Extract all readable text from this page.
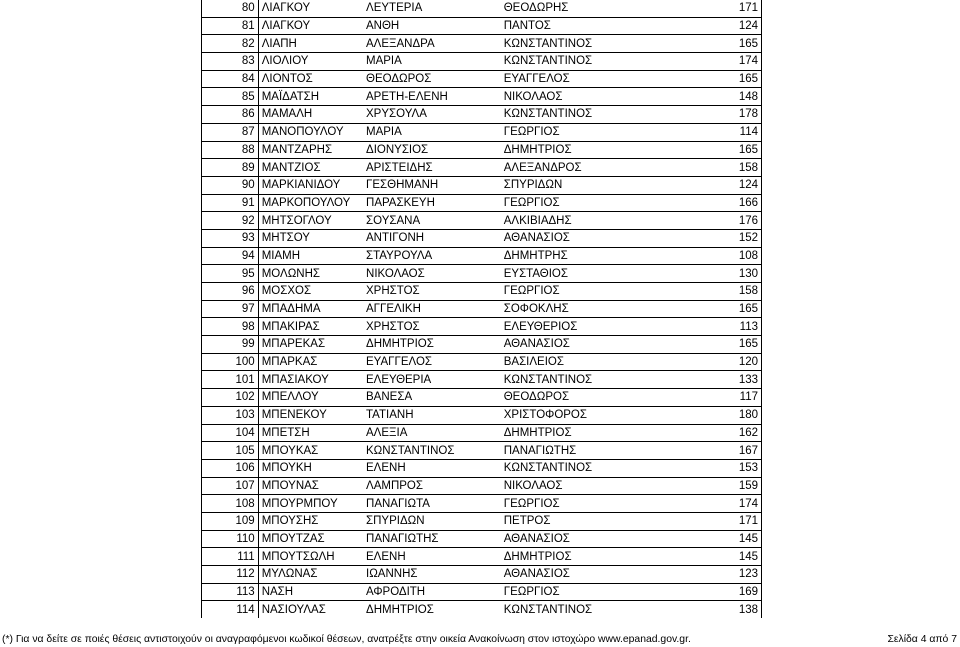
80	ΛΙΑΓΚΟΥ	ΛΕΥΤΕΡΙΑ	ΘΕΟΔΩΡΗΣ	171
81	ΛΙΑΓΚΟΥ	ΑΝΘΗ	ΠΑΝΤΟΣ	124
82	ΛΙΑΠΗ	ΑΛΕΞΑΝΔΡΑ	ΚΩΝΣΤΑΝΤΙΝΟΣ	165
83	ΛΙΟΛΙΟΥ	ΜΑΡΙΑ	ΚΩΝΣΤΑΝΤΙΝΟΣ	174
84	ΛΙΟΝΤΟΣ	ΘΕΟΔΩΡΟΣ	ΕΥΑΓΓΕΛΟΣ	165
85	ΜΑΪΔΑΤΣΗ	ΑΡΕΤΗ-ΕΛΕΝΗ	ΝΙΚΟΛΑΟΣ	148
86	ΜΑΜΑΛΗ	ΧΡΥΣΟΥΛΑ	ΚΩΝΣΤΑΝΤΙΝΟΣ	178
87	ΜΑΝΟΠΟΥΛΟΥ	ΜΑΡΙΑ	ΓΕΩΡΓΙΟΣ	114
88	ΜΑΝΤΖΑΡΗΣ	ΔΙΟΝΥΣΙΟΣ	ΔΗΜΗΤΡΙΟΣ	165
89	ΜΑΝΤΖΙΟΣ	ΑΡΙΣΤΕΙΔΗΣ	ΑΛΕΞΑΝΔΡΟΣ	158
90	ΜΑΡΚΙΑΝΙΔΟΥ	ΓΕΣΘΗΜΑΝΗ	ΣΠΥΡΙΔΩΝ	124
91	ΜΑΡΚΟΠΟΥΛΟΥ	ΠΑΡΑΣΚΕΥΗ	ΓΕΩΡΓΙΟΣ	166
92	ΜΗΤΣΟΓΛΟΥ	ΣΟΥΣΑΝΑ	ΑΛΚΙΒΙΑΔΗΣ	176
93	ΜΗΤΣΟΥ	ΑΝΤΙΓΟΝΗ	ΑΘΑΝΑΣΙΟΣ	152
94	ΜΙΑΜΗ	ΣΤΑΥΡΟΥΛΑ	ΔΗΜΗΤΡΗΣ	108
95	ΜΟΛΩΝΗΣ	ΝΙΚΟΛΑΟΣ	ΕΥΣΤΑΘΙΟΣ	130
96	ΜΟΣΧΟΣ	ΧΡΗΣΤΟΣ	ΓΕΩΡΓΙΟΣ	158
97	ΜΠΑΔΗΜΑ	ΑΓΓΕΛΙΚΗ	ΣΟΦΟΚΛΗΣ	165
98	ΜΠΑΚΙΡΑΣ	ΧΡΗΣΤΟΣ	ΕΛΕΥΘΕΡΙΟΣ	113
99	ΜΠΑΡΕΚΑΣ	ΔΗΜΗΤΡΙΟΣ	ΑΘΑΝΑΣΙΟΣ	165
100	ΜΠΑΡΚΑΣ	ΕΥΑΓΓΕΛΟΣ	ΒΑΣΙΛΕΙΟΣ	120
101	ΜΠΑΣΙΑΚΟΥ	ΕΛΕΥΘΕΡΙΑ	ΚΩΝΣΤΑΝΤΙΝΟΣ	133
102	ΜΠΕΛΛΟΥ	ΒΑΝΕΣΑ	ΘΕΟΔΩΡΟΣ	117
103	ΜΠΕΝΕΚΟΥ	ΤΑΤΙΑΝΗ	ΧΡΙΣΤΟΦΟΡΟΣ	180
104	ΜΠΕΤΣΗ	ΑΛΕΞΙΑ	ΔΗΜΗΤΡΙΟΣ	162
105	ΜΠΟΥΚΑΣ	ΚΩΝΣΤΑΝΤΙΝΟΣ	ΠΑΝΑΓΙΩΤΗΣ	167
106	ΜΠΟΥΚΗ	ΕΛΕΝΗ	ΚΩΝΣΤΑΝΤΙΝΟΣ	153
107	ΜΠΟΥΝΑΣ	ΛΑΜΠΡΟΣ	ΝΙΚΟΛΑΟΣ	159
108	ΜΠΟΥΡΜΠΟΥ	ΠΑΝΑΓΙΩΤΑ	ΓΕΩΡΓΙΟΣ	174
109	ΜΠΟΥΣΗΣ	ΣΠΥΡΙΔΩΝ	ΠΕΤΡΟΣ	171
110	ΜΠΟΥΤΖΑΣ	ΠΑΝΑΓΙΩΤΗΣ	ΑΘΑΝΑΣΙΟΣ	145
111	ΜΠΟΥΤΣΩΛΗ	ΕΛΕΝΗ	ΔΗΜΗΤΡΙΟΣ	145
112	ΜΥΛΩΝΑΣ	ΙΩΑΝΝΗΣ	ΑΘΑΝΑΣΙΟΣ	123
113	ΝΑΣΗ	ΑΦΡΟΔΙΤΗ	ΓΕΩΡΓΙΟΣ	169
114	ΝΑΣΙΟΥΛΑΣ	ΔΗΜΗΤΡΙΟΣ	ΚΩΝΣΤΑΝΤΙΝΟΣ	138
(*) Για να δείτε σε ποιές θέσεις αντιστοιχούν οι αναγραφόμενοι κωδικοί θέσεων, ανατρέξτε στην οικεία Ανακοίνωση στον ιστοχώρο www.epanad.gov.gr.	Σελίδα 4 από 7
